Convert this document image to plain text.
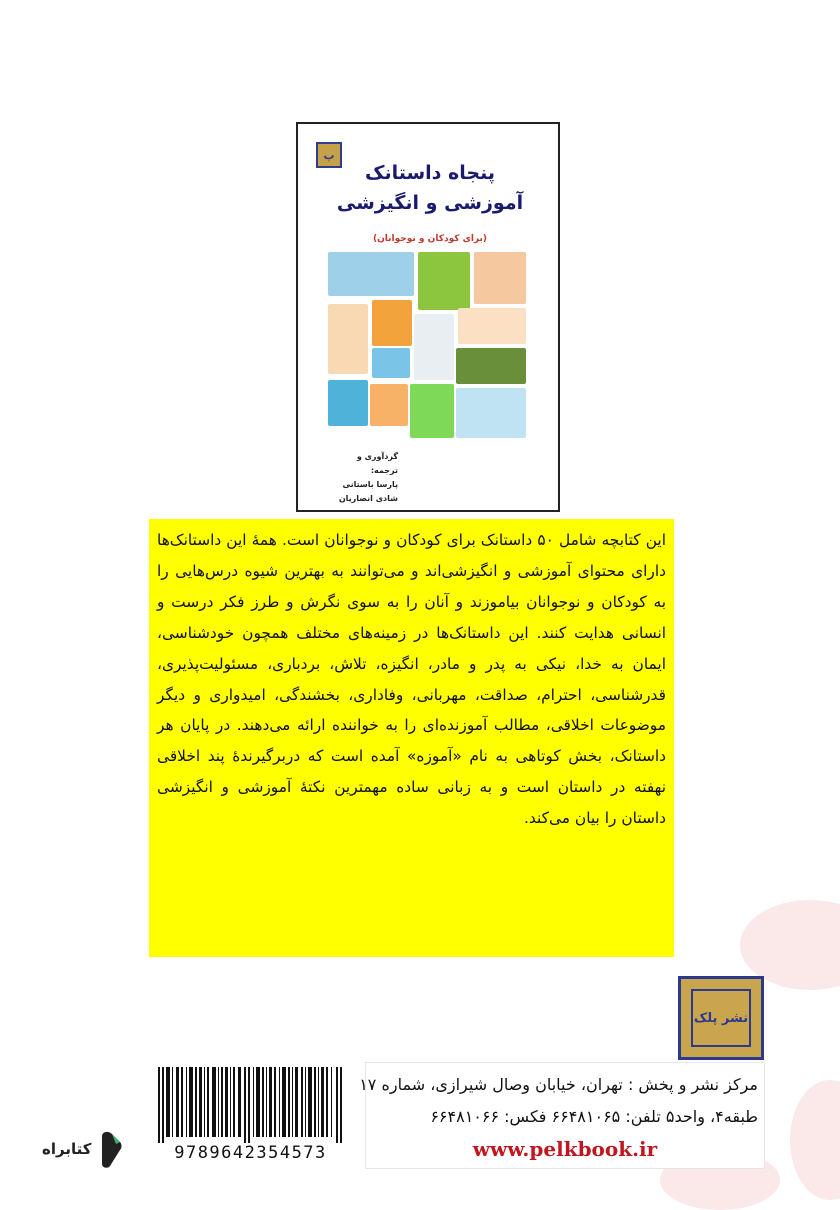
پ
پنجاه داستانک
آموزشی و انگیزشی
(برای کودکان و نوجوانان)
گردآوری و ترجمه:
پارسا باستانی
شادی انصاریان
این کتابچه شامل ۵۰ داستانک برای کودکان و نوجوانان است. همهٔ این داستانک‌ها دارای محتوای آموزشی و انگیزشی‌اند و می‌توانند به بهترین شیوه درس‌هایی را به کودکان و نوجوانان بیاموزند و آنان را به سوی نگرش و طرز فکر درست و انسانی هدایت کنند. این داستانک‌ها در زمینه‌های مختلف همچون خودشناسی، ایمان به خدا، نیکی به پدر و مادر، انگیزه، تلاش، بردباری، مسئولیت‌پذیری، قدرشناسی، احترام، صداقت، مهربانی، وفاداری، بخشندگی، امیدواری و دیگر موضوعات اخلاقی، مطالب آموزنده‌ای را به خواننده ارائه می‌دهند. در پایان هر داستانک، بخش کوتاهی به نام «آموزه» آمده است که دربرگیرندهٔ پند اخلاقی نهفته در داستان است و به زبانی ساده مهمترین نکتهٔ آموزشی و انگیزشی داستان را بیان می‌کند.
نشر پلک
9789642354573
مرکز نشر و پخش : تهران، خیابان وصال شیرازی، شماره ۱۷
طبقه۴، واحد۵ تلفن: ۶۶۴۸۱۰۶۵ فکس: ۶۶۴۸۱۰۶۶
www.pelkbook.ir
کتابراه
